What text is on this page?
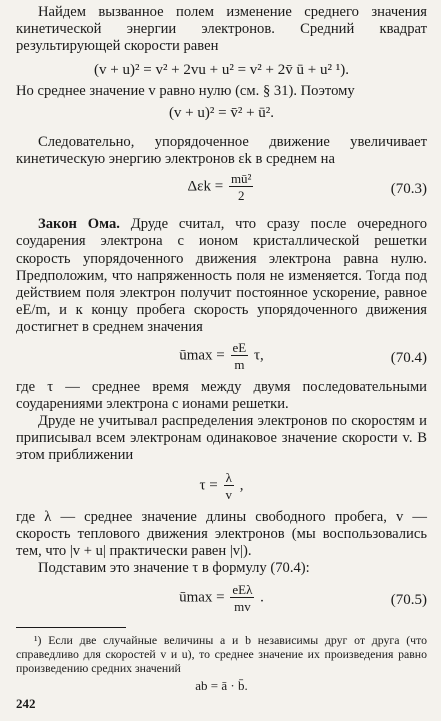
Найдем вызванное полем изменение среднего значения кинетической энергии электронов. Средний квадрат результирующей скорости равен

(v + u)² = v² + 2vu + u² = v² + 2v̄ ū + u² ¹).

Но среднее значение v равно нулю (см. § 31). Поэтому

(v + u)² = v̄² + ū².

Следовательно, упорядоченное движение увеличивает кинетическую энергию электронов εk в среднем на

$\Delta\varepsilon k = \frac{\text{mū²}}{2}$	(70.3)

Закон Ома. Друде считал, что сразу после очередного соударения электрона с ионом кристаллической решетки скорость упорядоченного движения электрона равна нулю. Предположим, что напряженность поля не изменяется. Тогда под действием поля электрон получит постоянное ускорение, равное eE/m, и к концу пробега скорость упорядоченного движения достигнет в среднем значения

ūmax = $\frac{eE}{m} \tau$,	(70.4)

где τ — среднее время между двумя последовательными соударениями электрона с ионами решетки.

Друде не учитывал распределения электронов по скоростям и приписывал всем электронам одинаковое значение скорости v. В этом приближении

$\tau = \frac{\lambda}{v}$ ,

где λ — среднее значение длины свободного пробега, v — скорость теплового движения электронов (мы воспользовались тем, что |v + u| практически равен |v|).

Подставим это значение τ в формулу (70.4):

ūmax = $\frac{\text{eEλ}}{mv}$ .	(70.5)

¹) Если две случайные величины a и b независимы друг от друга (что справедливо для скоростей v и u), то среднее значение их произведения равно произведению средних значений

ab = ā · b̄.
242
